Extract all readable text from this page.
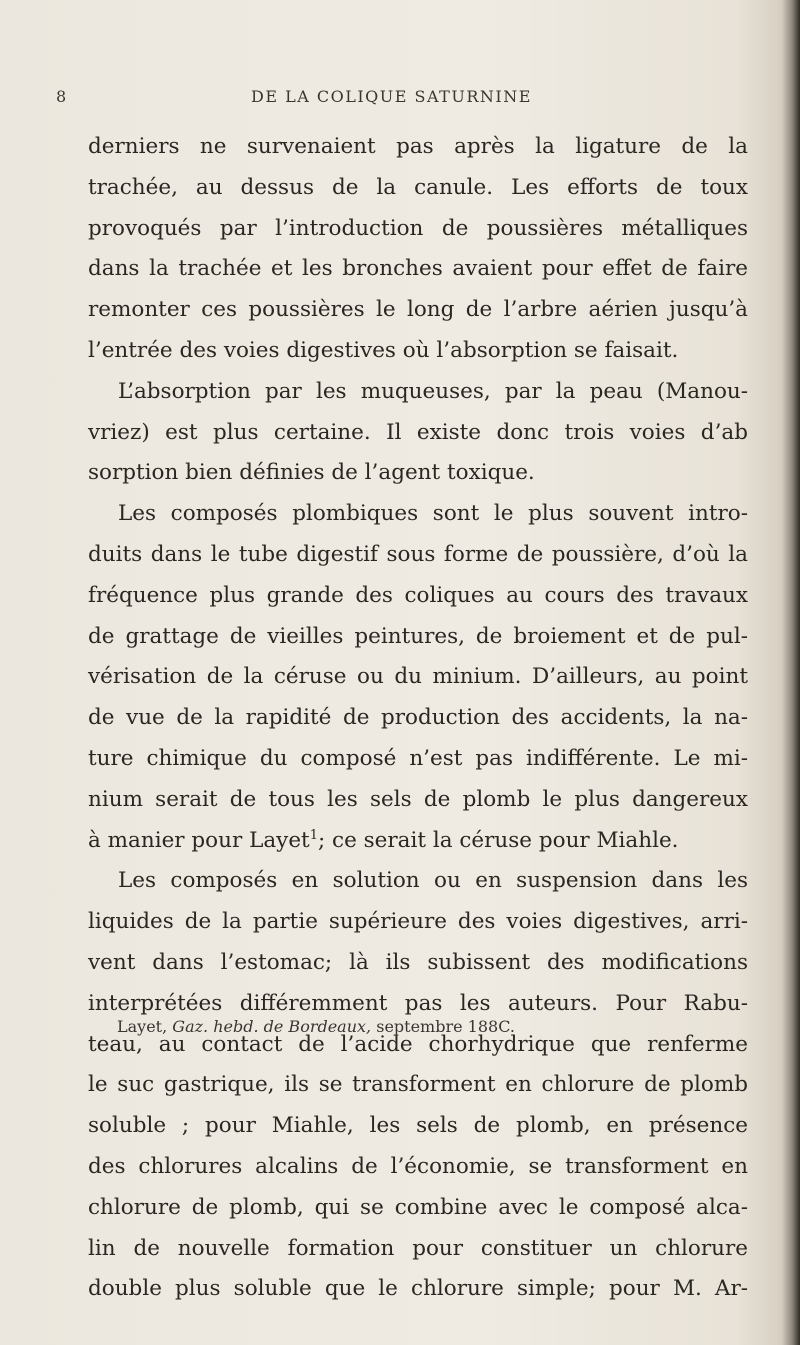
8	DE LA COLIQUE SATURNINE
derniers ne survenaient pas après la ligature de la
trachée, au dessus de la canule. Les efforts de toux
provoqués par l’introduction de poussières métalliques
dans la trachée et les bronches avaient pour effet de faire
remonter ces poussières le long de l’arbre aérien jusqu’à
l’entrée des voies digestives où l’absorption se faisait.
L’absorption par les muqueuses, par la peau (Manou-
vriez) est plus certaine. Il existe donc trois voies d’ab
sorption bien définies de l’agent toxique.
Les composés plombiques sont le plus souvent intro-
duits dans le tube digestif sous forme de poussière, d’où la
fréquence plus grande des coliques au cours des travaux
de grattage de vieilles peintures, de broiement et de pul-
vérisation de la céruse ou du minium. D’ailleurs, au point
de vue de la rapidité de production des accidents, la na-
ture chimique du composé n’est pas indifférente. Le mi-
nium serait de tous les sels de plomb le plus dangereux
à manier pour Layet$^1$; ce serait la céruse pour Miahle.
Les composés en solution ou en suspension dans les
liquides de la partie supérieure des voies digestives, arri-
vent dans l’estomac; là ils subissent des modifications
interprétées différemment pas les auteurs. Pour Rabu-
teau, au contact de l’acide chorhydrique que renferme
le suc gastrique, ils se transforment en chlorure de plomb
soluble ; pour Miahle, les sels de plomb, en présence
des chlorures alcalins de l’économie, se transforment en
chlorure de plomb, qui se combine avec le composé alca-
lin de nouvelle formation pour constituer un chlorure
double plus soluble que le chlorure simple; pour M. Ar-
Layet, Gaz. hebd. de Bordeaux, septembre 188C.
